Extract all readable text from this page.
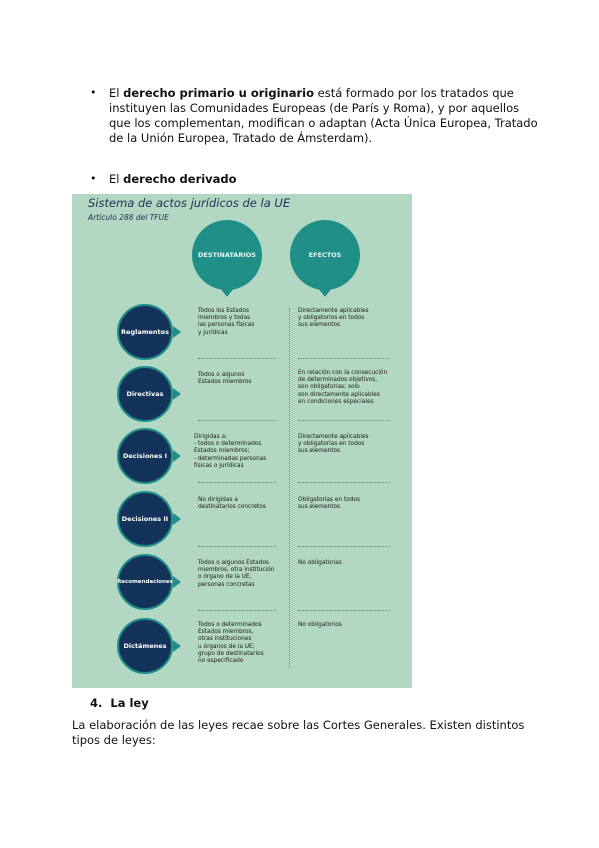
• El derecho primario u originario está formado por los tratados que
instituyen las Comunidades Europeas (de París y Roma), y por aquellos
que los complementan, modifican o adaptan (Acta Única Europea, Tratado
de la Unión Europea, Tratado de Ámsterdam).
• El derecho derivado
Sistema de actos jurídicos de la UE
Artículo 288 del TFUE
DESTINATARIOS	EFECTOS
Reglamentos
Todos los Estados
miembros y todas
las personas físicas
y jurídicas
Directamente aplicables
y obligatorios en todos
sus elementos
Directivas
Todos o algunos
Estados miembros
En relación con la consecución
de determinados objetivos,
son obligatorias; solo
son directamente aplicables
en condiciones especiales
Decisiones I
Dirigidas a:
- todos o determinados
Estados miembros;
- determinadas personas
físicas o jurídicas
Directamente aplicables
y obligatorias en todos
sus elementos
Decisiones II
No dirigidas a
destinatarios concretos
Obligatorias en todos
sus elementos
Recomendaciones
Todos o algunos Estados
miembros, otra institución
o órgano de la UE,
personas concretas
No obligatorias
Dictámenes
Todos o determinados
Estados miembros,
otras instituciones
u órganos de la UE;
grupo de destinatarios
no especificado
No obligatorios
4. La ley
La elaboración de las leyes recae sobre las Cortes Generales. Existen distintos
tipos de leyes:
